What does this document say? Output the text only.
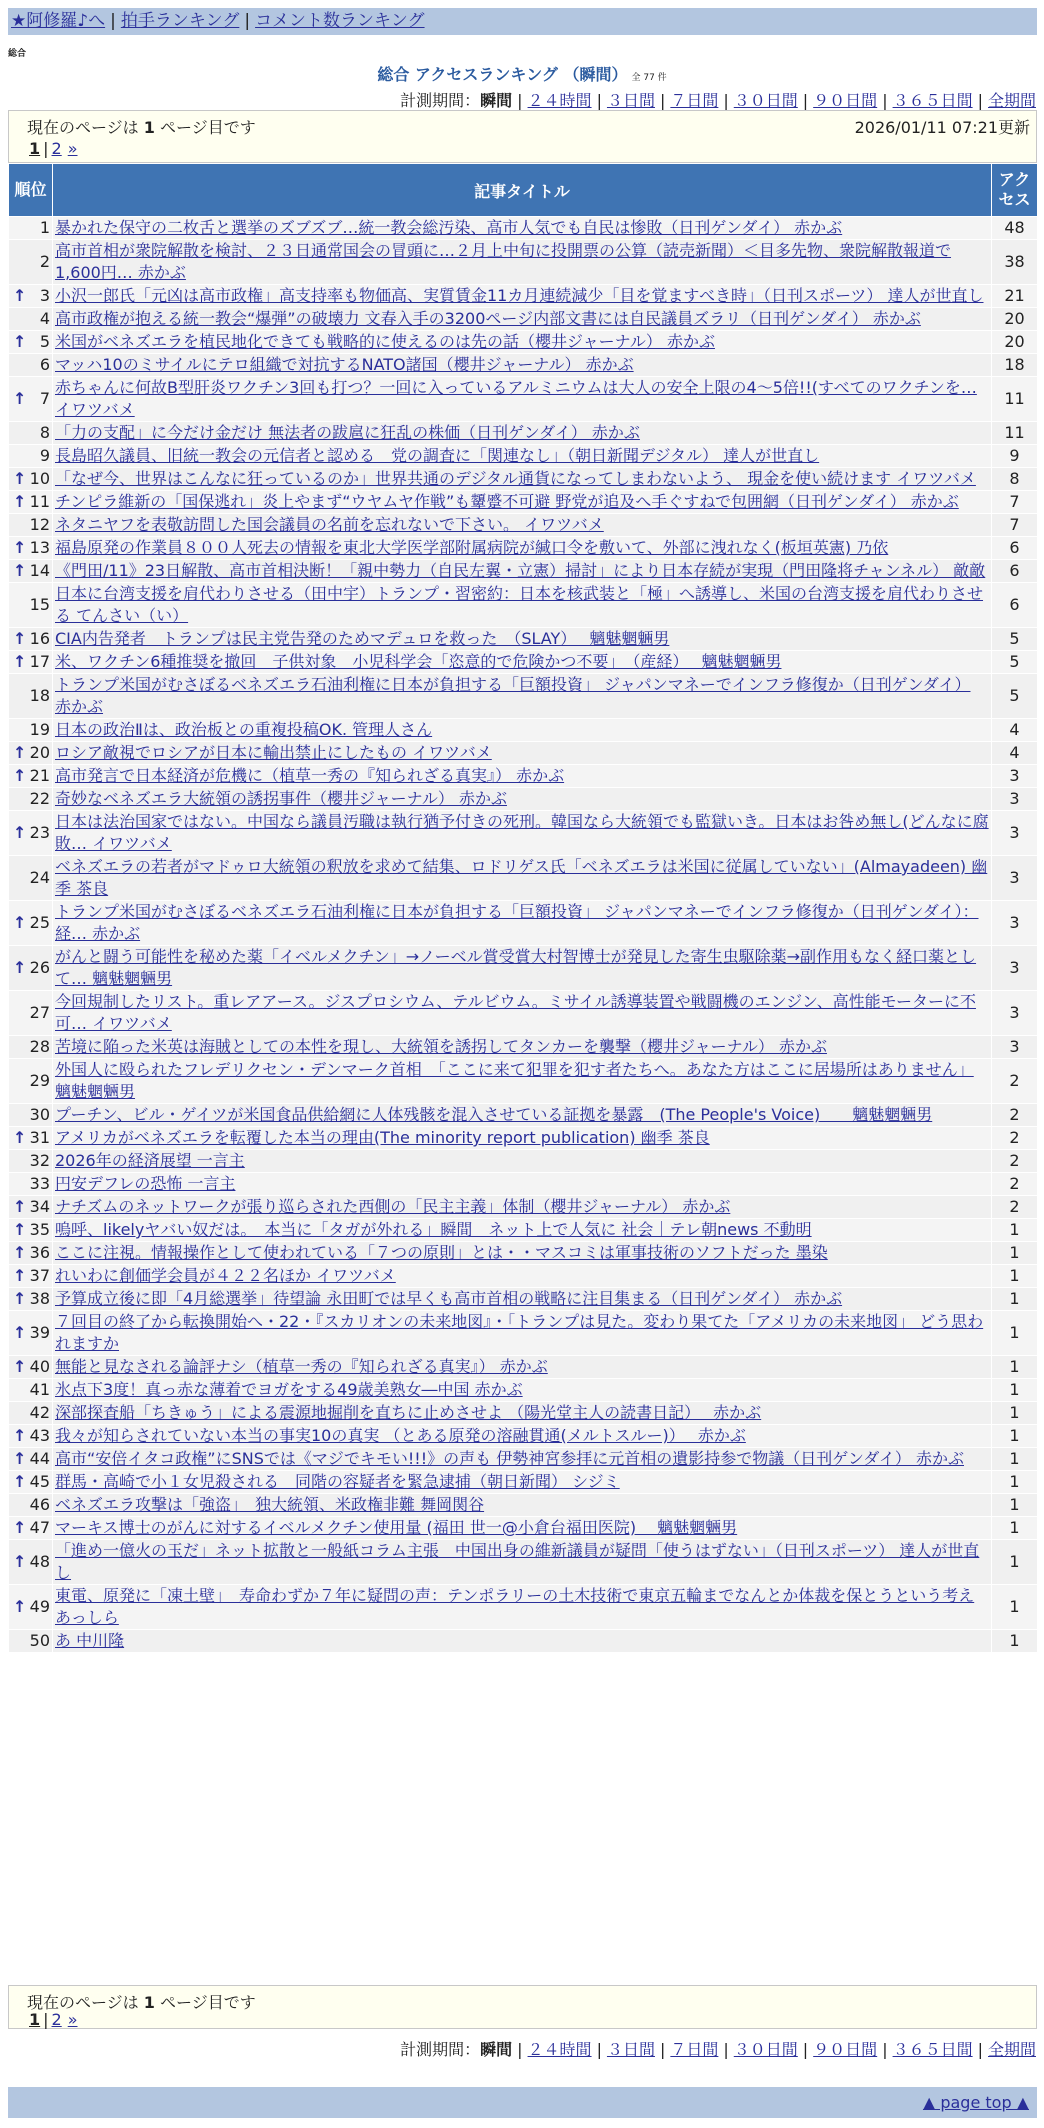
★阿修羅♪へ | 拍手ランキング | コメント数ランキング
総合
総合 アクセスランキング （瞬間） 全 77 件
計測期間：瞬間 | ２４時間 | ３日間 | ７日間 | ３０日間 | ９０日間 | ３６５日間 | 全期間
現在のページは 1 ページ目です	2026/01/11 07:21更新
1 | 2 »
順位	記事タイトル	アクセス
1	暴かれた保守の二枚舌と選挙のズブズブ…統一教会総汚染、高市人気でも自民は惨敗（日刊ゲンダイ） 赤かぶ	48
2	高市首相が衆院解散を検討、２３日通常国会の冒頭に…２月上中旬に投開票の公算（読売新聞）＜目多先物、衆院解散報道で1,600円… 赤かぶ	38

↑ 3	小沢一郎氏「元凶は高市政権」高支持率も物価高、実質賃金11カ月連続減少「目を覚ますべき時」（日刊スポーツ） 達人が世直し	21
4	高市政権が抱える統一教会“爆弾”の破壊力 文春入手の3200ページ内部文書には自民議員ズラリ（日刊ゲンダイ） 赤かぶ	20

↑ 5	米国がベネズエラを植民地化できても戦略的に使えるのは先の話（櫻井ジャーナル） 赤かぶ	20
6	マッハ10のミサイルにテロ組織で対抗するNATO諸国（櫻井ジャーナル） 赤かぶ	18

↑ 7	赤ちゃんに何故B型肝炎ワクチン3回も打つ？一回に入っているアルミニウムは大人の安全上限の4～5倍!!(すべてのワクチンを… イワツバメ	11
8	「力の支配」に今だけ金だけ 無法者の跋扈に狂乱の株価（日刊ゲンダイ） 赤かぶ	11
9	長島昭久議員、旧統一教会の元信者と認める　党の調査に「関連なし」（朝日新聞デジタル） 達人が世直し	9

↑ 10	「なぜ今、世界はこんなに狂っているのか」世界共通のデジタル通貨になってしまわないよう、 現金を使い続けます イワツバメ	8

↑ 11	チンピラ維新の「国保逃れ」炎上やまず“ウヤムヤ作戦”も顰蹙不可避 野党が追及へ手ぐすねで包囲網（日刊ゲンダイ） 赤かぶ	7
12	ネタニヤフを表敬訪問した国会議員の名前を忘れないで下さい。 イワツバメ	7

↑ 13	福島原発の作業員８００人死去の情報を東北大学医学部附属病院が緘口令を敷いて、外部に洩れなく(板垣英憲) 乃依	6

↑ 14	《門田/11》23日解散、高市首相決断！「親中勢力（自民左翼・立憲）掃討」により日本存続が実現（門田隆将チャンネル） 敵敵	6
15	日本に台湾支援を肩代わりさせる（田中宇）トランプ・習密約：日本を核武装と「極」へ誘導し、米国の台湾支援を肩代わりさせる てんさい（い）	6

↑ 16	CIA内告発者　トランプは民主党告発のためマデュロを救った　（SLAY）　 魑魅魍魎男	5

↑ 17	米、ワクチン6種推奨を撤回　子供対象　小児科学会「恣意的で危険かつ不要」　（産経）　 魑魅魍魎男	5
18	トランプ米国がむさぼるベネズエラ石油利権に日本が負担する「巨額投資」 ジャパンマネーでインフラ修復か（日刊ゲンダイ） 赤かぶ	5
19	日本の政治Ⅱは、政治板との重複投稿OK. 管理人さん	4

↑ 20	ロシア敵視でロシアが日本に輸出禁止にしたもの イワツバメ	4

↑ 21	高市発言で日本経済が危機に（植草一秀の『知られざる真実』） 赤かぶ	3
22	奇妙なベネズエラ大統領の誘拐事件（櫻井ジャーナル） 赤かぶ	3

↑ 23	日本は法治国家ではない。中国なら議員汚職は執行猶予付きの死刑。韓国なら大統領でも監獄いき。日本はお咎め無し(どんなに腐敗… イワツバメ	3
24	ベネズエラの若者がマドゥロ大統領の釈放を求めて結集、ロドリゲス氏「ベネズエラは米国に従属していない」(Almayadeen) 幽季 茶良	3

↑ 25	トランプ米国がむさぼるベネズエラ石油利権に日本が負担する「巨額投資」 ジャパンマネーでインフラ修復か（日刊ゲンダイ）：経… 赤かぶ	3

↑ 26	がんと闘う可能性を秘めた薬「イベルメクチン」→ノーベル賞受賞大村智博士が発見した寄生虫駆除薬→副作用もなく経口薬として… 魑魅魍魎男	3
27	今回規制したリスト。重レアアース。ジスプロシウム、テルビウム。ミサイル誘導装置や戦闘機のエンジン、高性能モーターに不可… イワツバメ	3
28	苦境に陥った米英は海賊としての本性を現し、大統領を誘拐してタンカーを襲撃（櫻井ジャーナル） 赤かぶ	3
29	外国人に殴られたフレデリクセン・デンマーク首相　「ここに来て犯罪を犯す者たちへ。あなた方はここに居場所はありません」 魑魅魍魎男	2
30	プーチン、ビル・ゲイツが米国食品供給網に人体残骸を混入させている証拠を暴露　(The People's Voice)　　魑魅魍魎男	2

↑ 31	アメリカがベネズエラを転覆した本当の理由(The minority report publication) 幽季 茶良	2
32	2026年の経済展望 一言主	2
33	円安デフレの恐怖 一言主	2

↑ 34	ナチズムのネットワークが張り巡らされた西側の「民主主義」体制（櫻井ジャーナル） 赤かぶ	2

↑ 35	嗚呼、likelyヤバい奴だは。　本当に「タガが外れる」瞬間　ネット上で人気に 社会｜テレ朝news 不動明	1

↑ 36	ここに注視。情報操作として使われている「７つの原則」とは・・マスコミは軍事技術のソフトだった 墨染	1

↑ 37	れいわに創価学会員が４２２名ほか イワツバメ	1

↑ 38	予算成立後に即「4月総選挙」待望論 永田町では早くも高市首相の戦略に注目集まる（日刊ゲンダイ） 赤かぶ	1

↑ 39	７回目の終了から転換開始へ・22・『スカリオンの未来地図』・「トランプは見た。変わり果てた「アメリカの未来地図」 どう思われますか	1

↑ 40	無能と見なされる論評ナシ（植草一秀の『知られざる真実』） 赤かぶ	1
41	氷点下3度！真っ赤な薄着でヨガをする49歳美熟女―中国 赤かぶ	1
42	深部探査船「ちきゅう」による震源地掘削を直ちに止めさせよ （陽光堂主人の読書日記）　 赤かぶ	1

↑ 43	我々が知らされていない本当の事実10の真実 （とある原発の溶融貫通(メルトスルー)）　 赤かぶ	1

↑ 44	高市“安倍イタコ政権”にSNSでは《マジでキモい!!!》の声も 伊勢神宮参拝に元首相の遺影持参で物議（日刊ゲンダイ） 赤かぶ	1

↑ 45	群馬・高崎で小１女児殺される　同階の容疑者を緊急逮捕（朝日新聞） シジミ	1
46	ベネズエラ攻撃は「強盗」　独大統領、米政権非難 舞岡関谷	1

↑ 47	マーキス博士のがんに対するイベルメクチン使用量 (福田 世一@小倉台福田医院)　 魑魅魍魎男	1

↑ 48	「進め一億火の玉だ」ネット拡散と一般紙コラム主張　中国出身の維新議員が疑問「使うはずない」（日刊スポーツ） 達人が世直し	1

↑ 49	東電、原発に「凍土壁」　寿命わずか７年に疑問の声：テンポラリーの土木技術で東京五輪までなんとか体裁を保とうという考えあっしら	1
50	あ 中川隆	1
現在のページは 1 ページ目です
1 | 2 »
計測期間：瞬間 | ２４時間 | ３日間 | ７日間 | ３０日間 | ９０日間 | ３６５日間 | 全期間
▲ page top ▲
